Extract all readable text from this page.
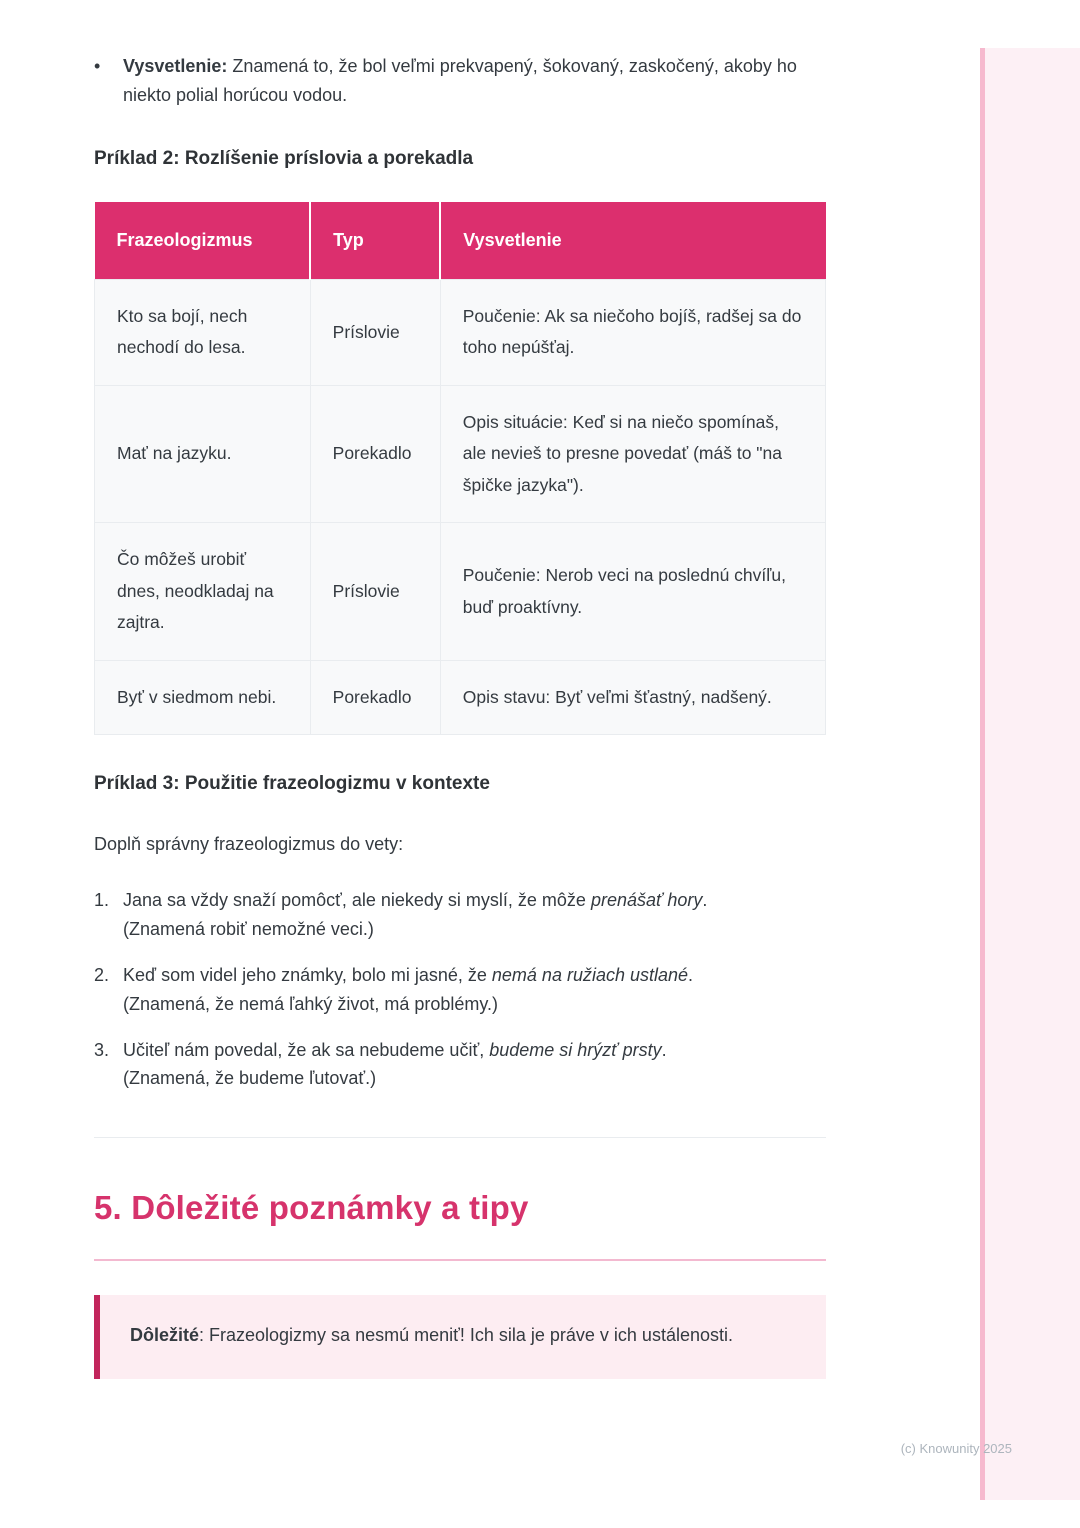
•	Vysvetlenie: Znamená to, že bol veľmi prekvapený, šokovaný, zaskočený, akoby ho niekto polial horúcou vodou.
Príklad 2: Rozlíšenie príslovia a porekadla
Frazeologizmus	Typ	Vysvetlenie
Kto sa bojí, nech nechodí do lesa.	Príslovie	Poučenie: Ak sa niečoho bojíš, radšej sa do toho nepúšťaj.
Mať na jazyku.	Porekadlo	Opis situácie: Keď si na niečo spomínaš, ale nevieš to presne povedať (máš to "na špičke jazyka").
Čo môžeš urobiť dnes, neodkladaj na zajtra.	Príslovie	Poučenie: Nerob veci na poslednú chvíľu, buď proaktívny.
Byť v siedmom nebi.	Porekadlo	Opis stavu: Byť veľmi šťastný, nadšený.
Príklad 3: Použitie frazeologizmu v kontexte

Doplň správny frazeologizmus do vety:

1. Jana sa vždy snaží pomôcť, ale niekedy si myslí, že môže prenášať hory.

(Znamená robiť nemožné veci.)

2. Keď som videl jeho známky, bolo mi jasné, že nemá na ružiach ustlané.

(Znamená, že nemá ľahký život, má problémy.)

3. Učiteľ nám povedal, že ak sa nebudeme učiť, budeme si hrýzť prsty.

(Znamená, že budeme ľutovať.)

5. Dôležité poznámky a tipy
Dôležité: Frazeologizmy sa nesmú meniť! Ich sila je práve v ich ustálenosti.
(c) Knowunity 2025
